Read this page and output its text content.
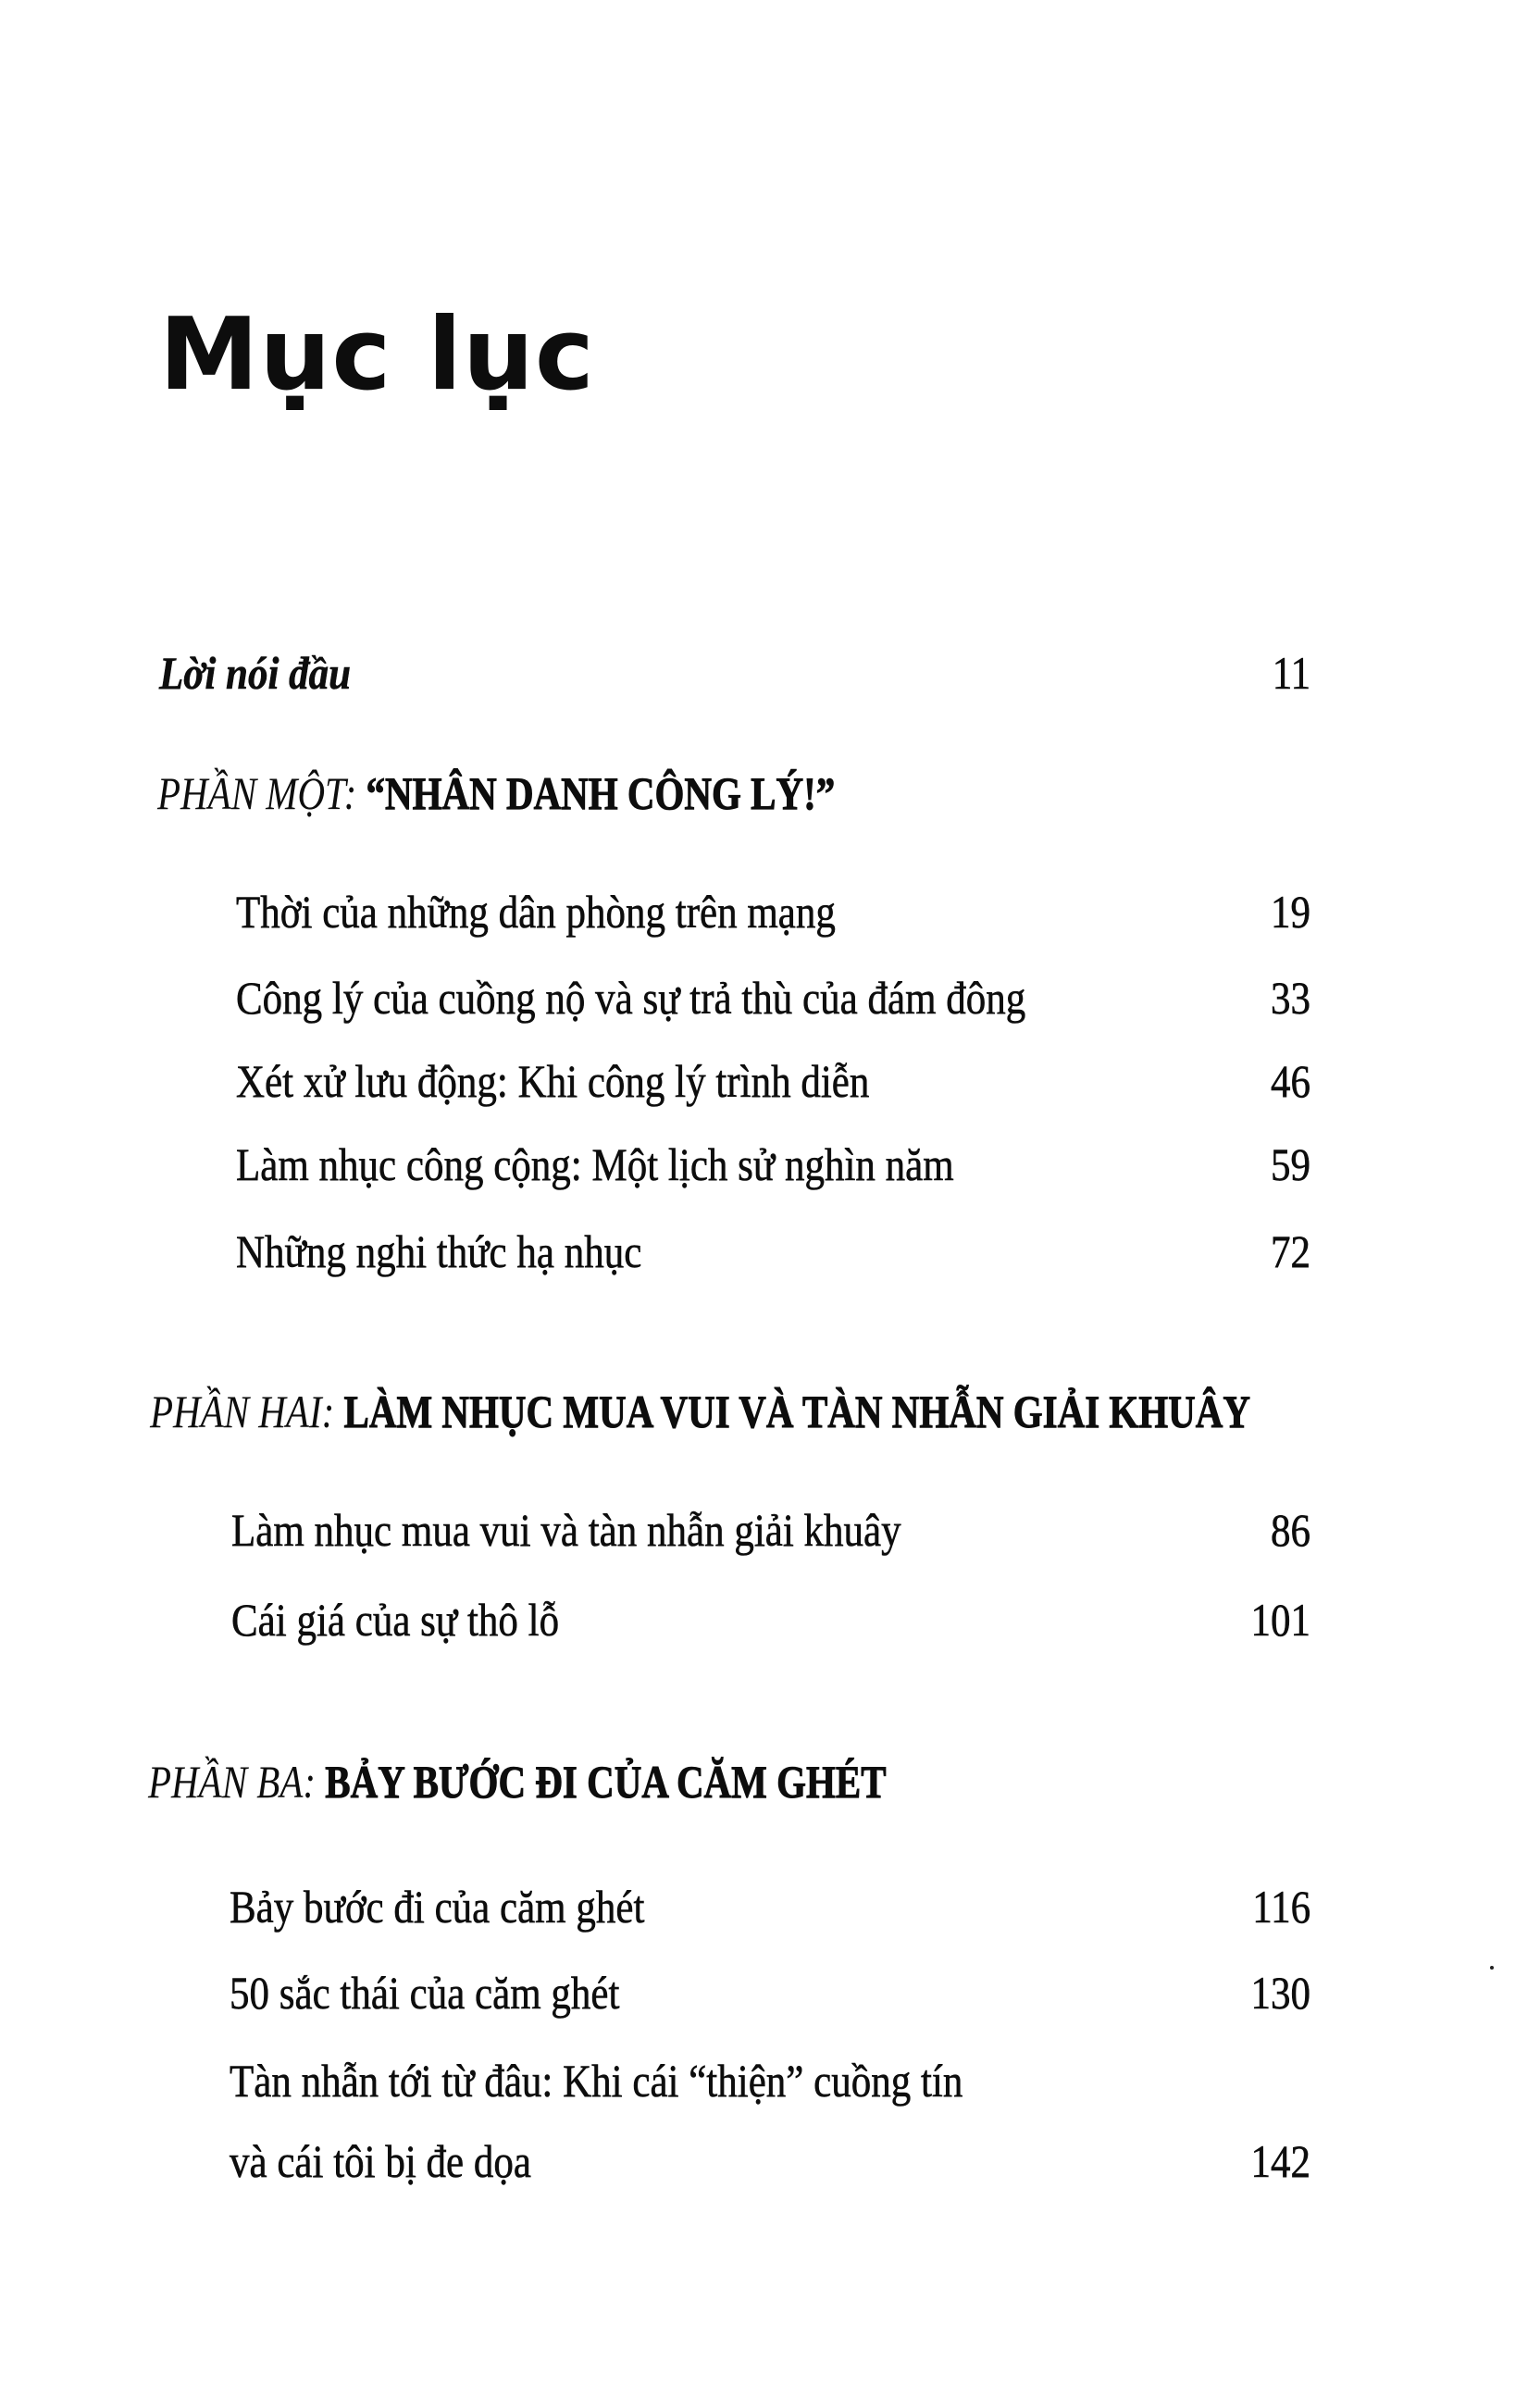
Mục lục
Lời nói đầu	11
PHẦN MỘT: “NHÂN DANH CÔNG LÝ!”
Thời của những dân phòng trên mạng	19
Công lý của cuồng nộ và sự trả thù của đám đông	33
Xét xử lưu động: Khi công lý trình diễn	46
Làm nhục công cộng: Một lịch sử nghìn năm	59
Những nghi thức hạ nhục	72
PHẦN HAI: LÀM NHỤC MUA VUI VÀ TÀN NHẪN GIẢI KHUÂY
Làm nhục mua vui và tàn nhẫn giải khuây	86
Cái giá của sự thô lỗ	101
PHẦN BA: BẢY BƯỚC ĐI CỦA CĂM GHÉT
Bảy bước đi của căm ghét	116
50 sắc thái của căm ghét	130
Tàn nhẫn tới từ đâu: Khi cái “thiện” cuồng tín
và cái tôi bị đe dọa	142
